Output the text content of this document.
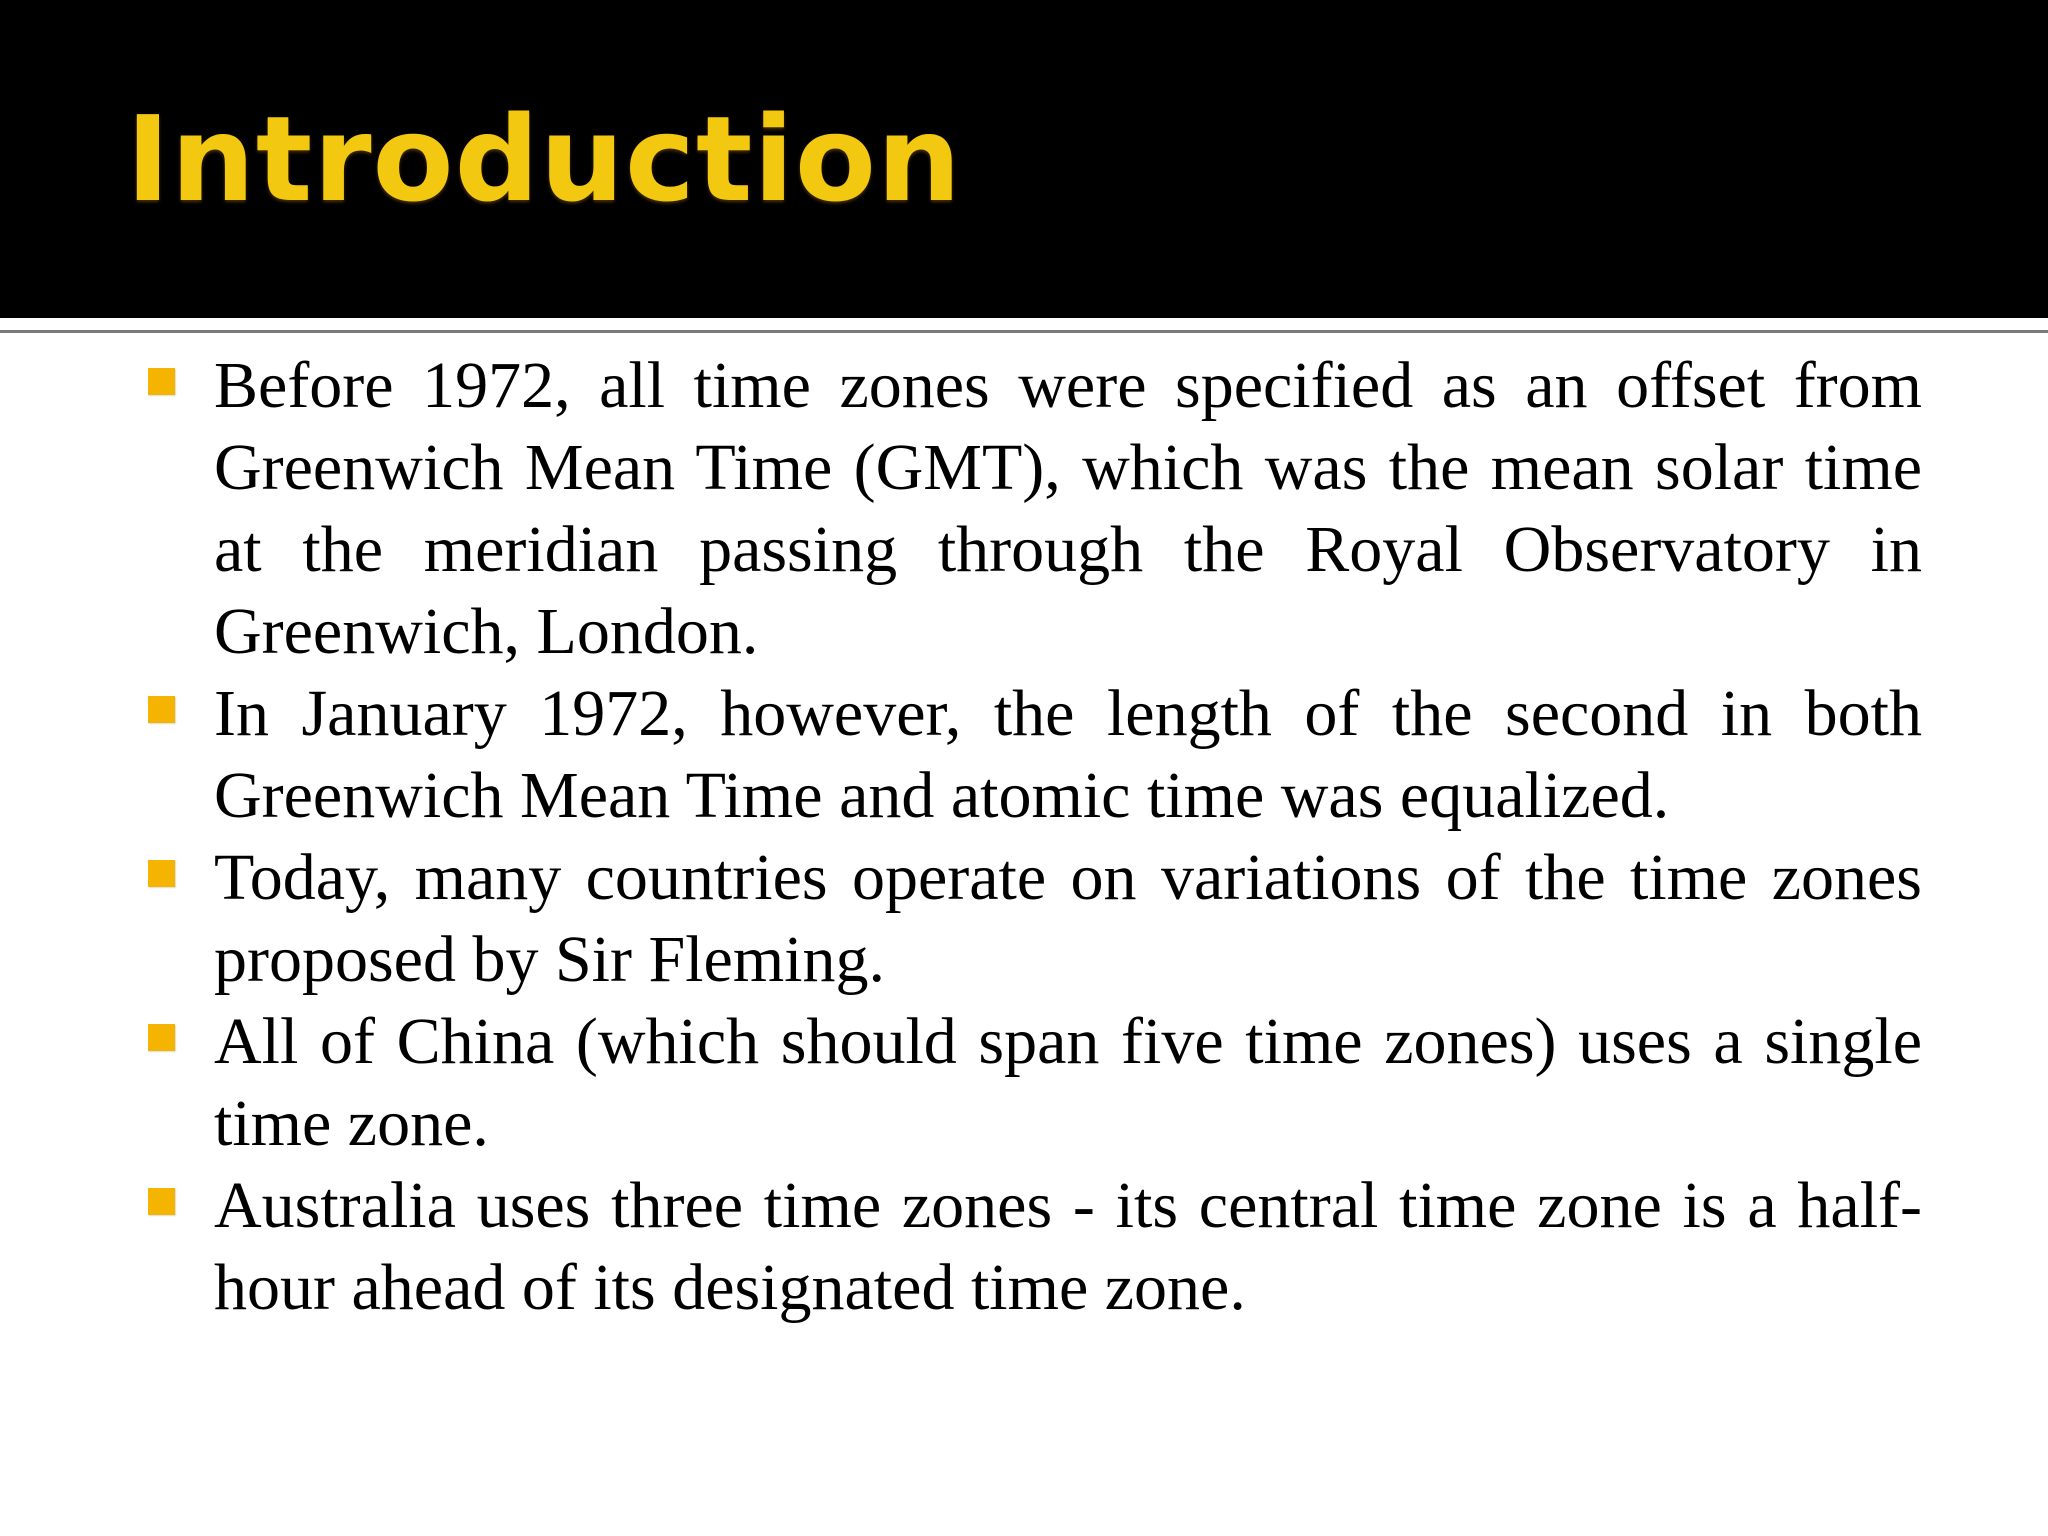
Introduction
Before 1972, all time zones were specified as an offset from Greenwich Mean Time (GMT), which was the mean solar time at the meridian passing through the Royal Observatory in Greenwich, London.
In January 1972, however, the length of the second in both Greenwich Mean Time and atomic time was equalized.
Today, many countries operate on variations of the time zones proposed by Sir Fleming.
All of China (which should span five time zones) uses a single time zone.
Australia uses three time zones - its central time zone is a half-hour ahead of its designated time zone.
